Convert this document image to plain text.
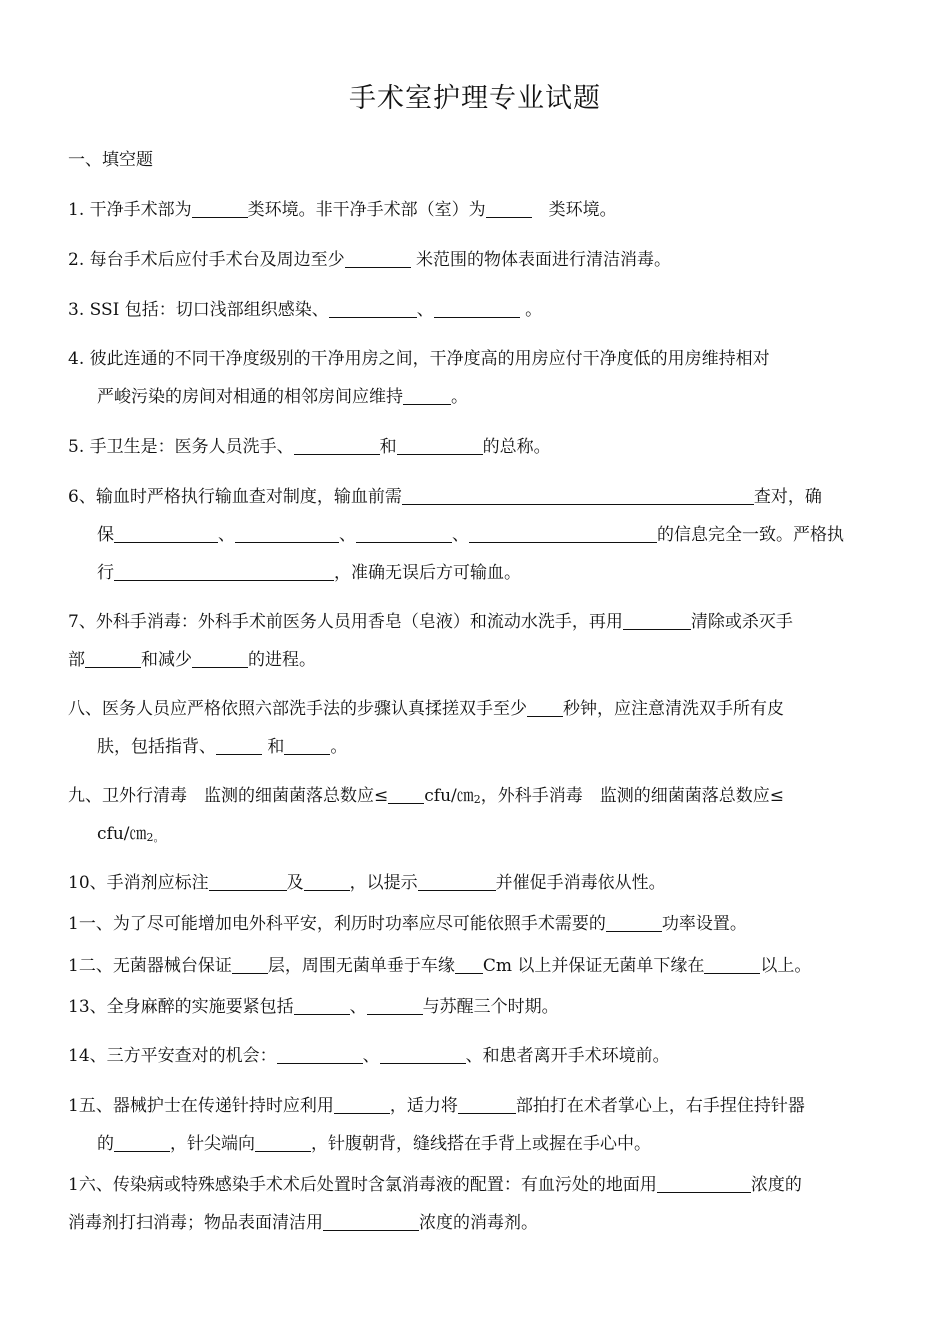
手术室护理专业试题
一、填空题
1. 干净手术部为	类环境。非干净手术部（室）为　	类环境。
2. 每台手术后应付手术台及周边至少	米范围的物体表面进行清洁消毒。
3. SSI 包括：切口浅部组织感染、	、	。
4. 彼此连通的不同干净度级别的干净用房之间，干净度高的用房应付干净度低的用房维持相对
严峻污染的房间对相通的相邻房间应维持	。
5. 手卫生是：医务人员洗手、	和	的总称。
6、输血时严格执行输血查对制度，输血前需	查对，确
保	、	、	、	的信息完全一致。严格执
行	，准确无误后方可输血。
7、外科手消毒：外科手术前医务人员用香皂（皂液）和流动水洗手，再用	清除或杀灭手
部	和减少	的进程。
八、医务人员应严格依照六部洗手法的步骤认真揉搓双手至少 秒钟，应注意清洗双手所有皮
肤，包括指背、	和	。
九、卫外行清毒　监测的细菌菌落总数应≤ cfu/㎝2，外科手消毒　监测的细菌菌落总数应≤
cfu/㎝2。
10、手消剂应标注	及	，以提示	并催促手消毒依从性。
1一、为了尽可能增加电外科平安，利历时功率应尽可能依照手术需要的	功率设置。
1二、无菌器械台保证 层，周围无菌单垂于车缘 Cm 以上并保证无菌单下缘在	以上。
13、全身麻醉的实施要紧包括	、	与苏醒三个时期。
14、三方平安查对的机会：	、	、和患者离开手术环境前。
1五、器械护士在传递针持时应利用	，适力将	部拍打在术者掌心上，右手捏住持针器
的	，针尖端向	，针腹朝背，缝线搭在手背上或握在手心中。
1六、传染病或特殊感染手术术后处置时含氯消毒液的配置：有血污处的地面用	浓度的
消毒剂打扫消毒；物品表面清洁用	浓度的消毒剂。
